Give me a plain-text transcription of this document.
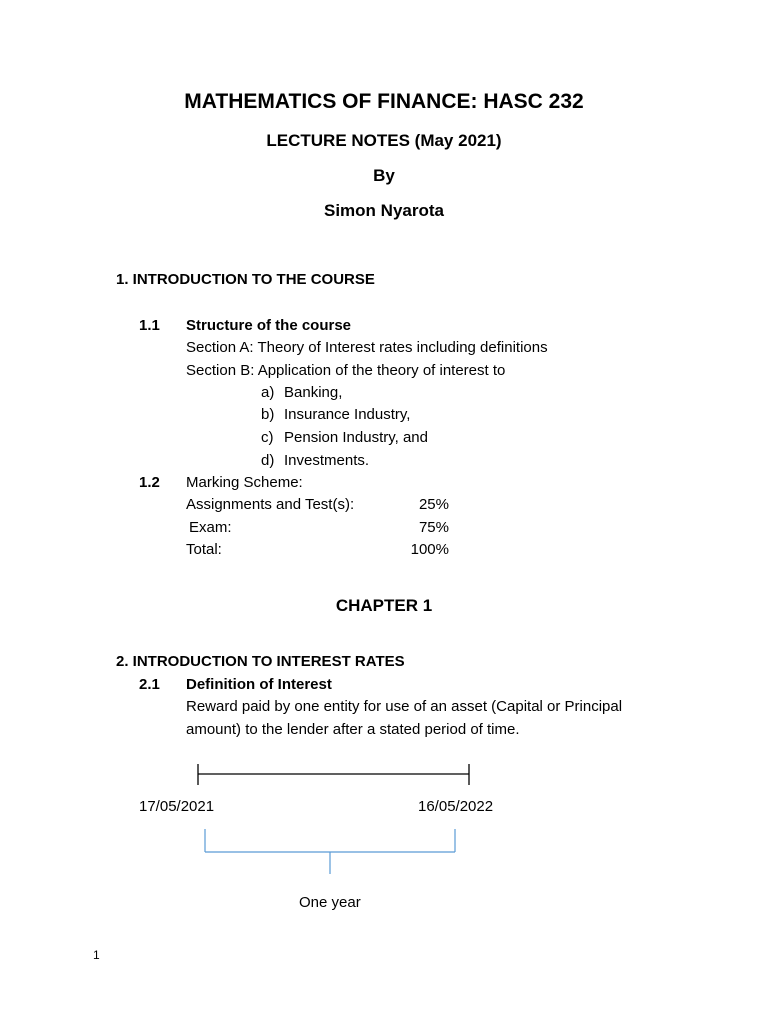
MATHEMATICS OF FINANCE: HASC 232
LECTURE NOTES (May 2021)
By
Simon Nyarota
1. INTRODUCTION TO THE COURSE
1.1 Structure of the course
Section A: Theory of Interest rates including definitions
Section B: Application of the theory of interest to
a) Banking,
b) Insurance Industry,
c) Pension Industry, and
d) Investments.
1.2 Marking Scheme:
Assignments and Test(s):	25%
Exam:	75%
Total:	100%
CHAPTER 1
2. INTRODUCTION TO INTEREST RATES
2.1 Definition of Interest
Reward paid by one entity for use of an asset (Capital or Principal
amount) to the lender after a stated period of time.
17/05/2021	16/05/2022
One year
1
